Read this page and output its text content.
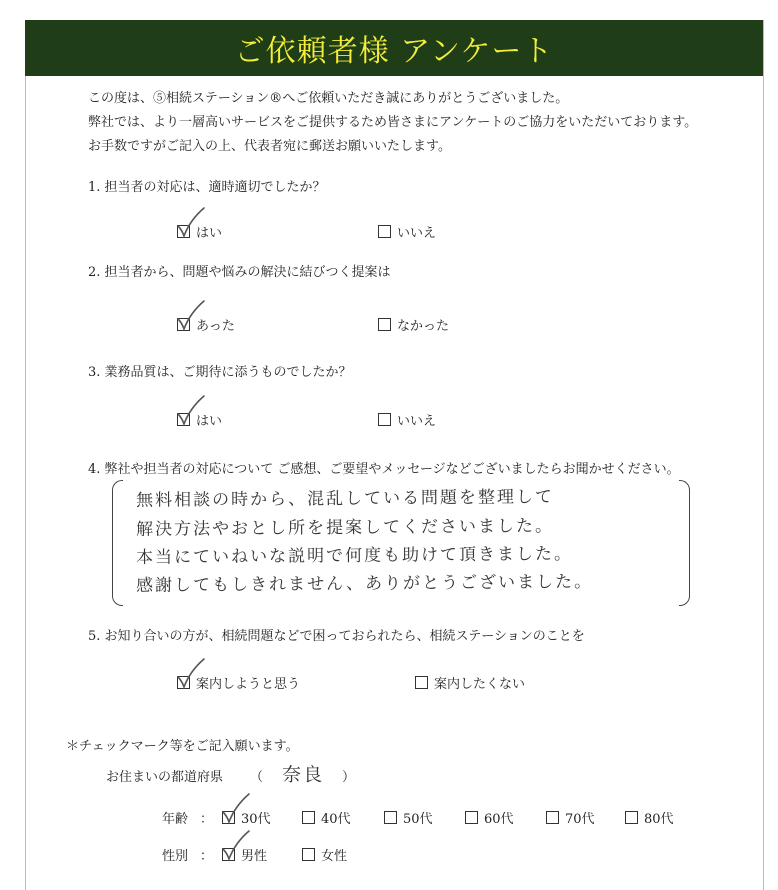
ご依頼者様 アンケート
この度は、⑤相続ステーション®へご依頼いただき誠にありがとうございました。
弊社では、より一層高いサービスをご提供するため皆さまにアンケートのご協力をいただいております。
お手数ですがご記入の上、代表者宛に郵送お願いいたします。
1. 担当者の対応は、適時適切でしたか？
はい	いいえ
2. 担当者から、問題や悩みの解決に結びつく提案は
あった	なかった
3. 業務品質は、ご期待に添うものでしたか？
はい	いいえ
4. 弊社や担当者の対応について ご感想、ご要望やメッセージなどございましたらお聞かせください。
無料相談の時から、混乱している問題を整理して
解決方法やおとし所を提案してくださいました。
本当にていねいな説明で何度も助けて頂きました。
感謝してもしきれません、ありがとうございました。
5. お知り合いの方が、相続問題などで困っておられたら、相続ステーションのことを
案内しようと思う	案内したくない
＊チェックマーク等をご記入願います。
お住まいの都道府県 （ 奈良 ）
年齢 ： 30代	40代	50代	60代	70代	80代
性別 ： 男性	女性
